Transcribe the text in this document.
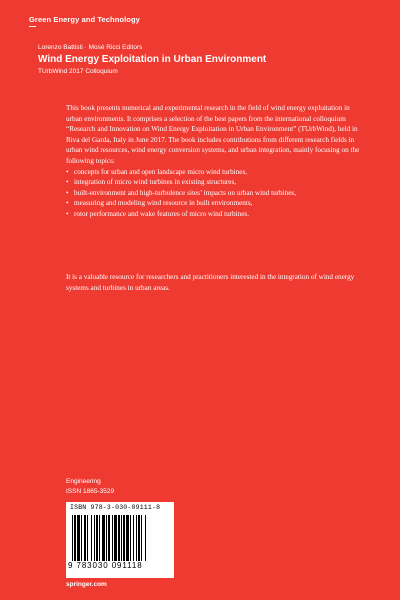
Green Energy and Technology
Lorenzo Battisti · Mosè Ricci Editors
Wind Energy Exploitation in Urban Environment
TUrbWind 2017 Colloquium

This book presents numerical and experimental research in the field of wind energy exploitation in urban environments. It comprises a selection of the best papers from the international colloquium “Research and Innovation on Wind Energy Exploitation in Urban Environment” (TUrbWind), held in Riva del Garda, Italy in June 2017. The book includes contributions from different research fields in urban wind resources, wind energy conversion systems, and urban integration, mainly focusing on the following topics:

• concepts for urban and open landscape micro wind turbines,
• integration of micro wind turbines in existing structures,
• built-environment and high-turbulence sites’ impacts on urban wind turbines,
• measuring and modeling wind resource in built environments,
• rotor performance and wake features of micro wind turbines.

It is a valuable resource for researchers and practitioners interested in the integration of wind energy systems and turbines in urban areas.

Engineering
ISSN 1865-3529
ISBN 978-3-030-09111-8
9 783030 091118
springer.com
